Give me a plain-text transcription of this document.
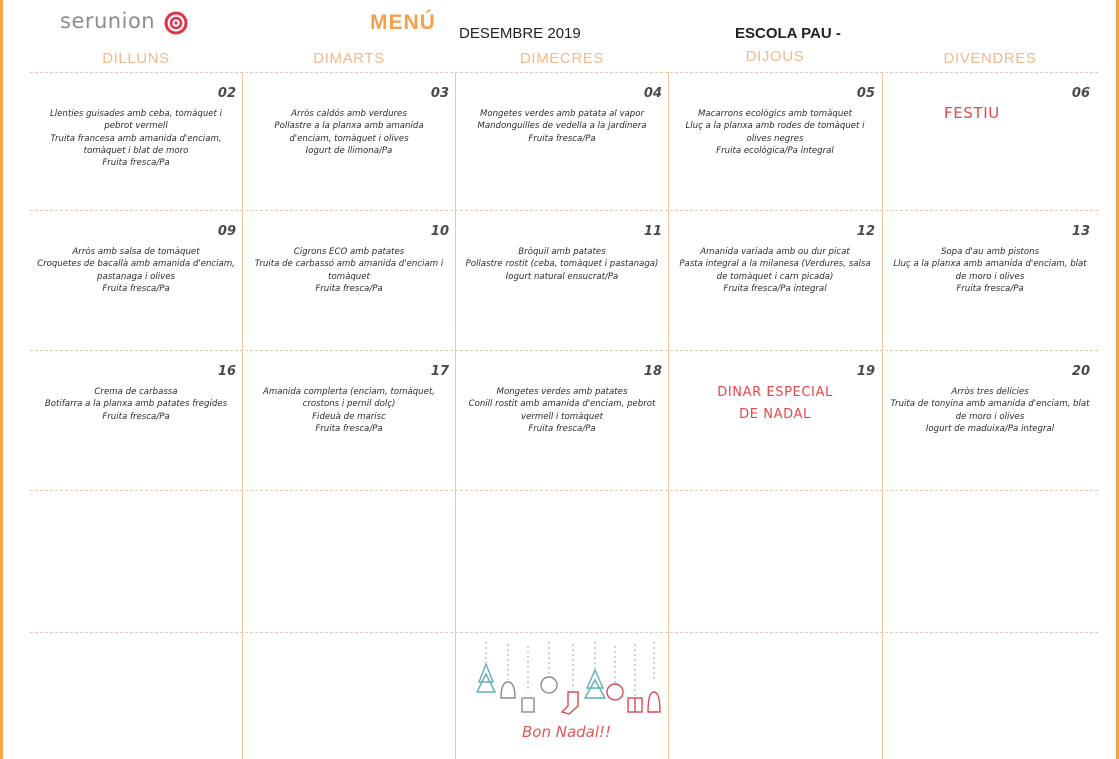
serunion	MENÚ DESEMBRE 2019	ESCOLA PAU -
DILLUNS	DIMARTS	DIMECRES	DIJOUS	DIVENDRES
02
Llenties guisades amb ceba, tomàquet i
pebrot vermell
Truita francesa amb amanida d'enciam,
tomàquet i blat de moro
Fruita fresca/Pa
03
Arròs caldós amb verdures
Pollastre a la planxa amb amanida
d'enciam, tomàquet i olives
Iogurt de llimona/Pa
04
Mongetes verdes amb patata al vapor
Mandonguilles de vedella a la jardinera
Fruita fresca/Pa
05
Macarrons ecològics amb tomàquet
Lluç a la planxa amb rodes de tomàquet i
olives negres
Fruita ecològica/Pa integral
06
FESTIU
09
Arròs amb salsa de tomàquet
Croquetes de bacallà amb amanida d'enciam,
pastanaga i olives
Fruita fresca/Pa
10
Cigrons ECO amb patates
Truita de carbassó amb amanida d'enciam i
tomàquet
Fruita fresca/Pa
11
Bròquil amb patates
Pollastre rostit (ceba, tomàquet i pastanaga)
Iogurt natural ensucrat/Pa
12
Amanida variada amb ou dur picat
Pasta integral a la milanesa (Verdures, salsa
de tomàquet i carn picada)
Fruita fresca/Pa integral
13
Sopa d'au amb pistons
Lluç a la planxa amb amanida d'enciam, blat
de moro i olives
Fruita fresca/Pa
16
Crema de carbassa
Botifarra a la planxa amb patates fregides
Fruita fresca/Pa
17
Amanida complerta (enciam, tomàquet,
crostons i pernil dolç)
Fideuà de marisc
Fruita fresca/Pa
18
Mongetes verdes amb patates
Conill rostit amb amanida d'enciam, pebrot
vermell i tomàquet
Fruita fresca/Pa
19
DINAR ESPECIAL
DE NADAL
20
Arròs tres delícies
Truita de tonyina amb amanida d'enciam, blat
de moro i olives
Iogurt de maduixa/Pa integral
Bon Nadal!!
